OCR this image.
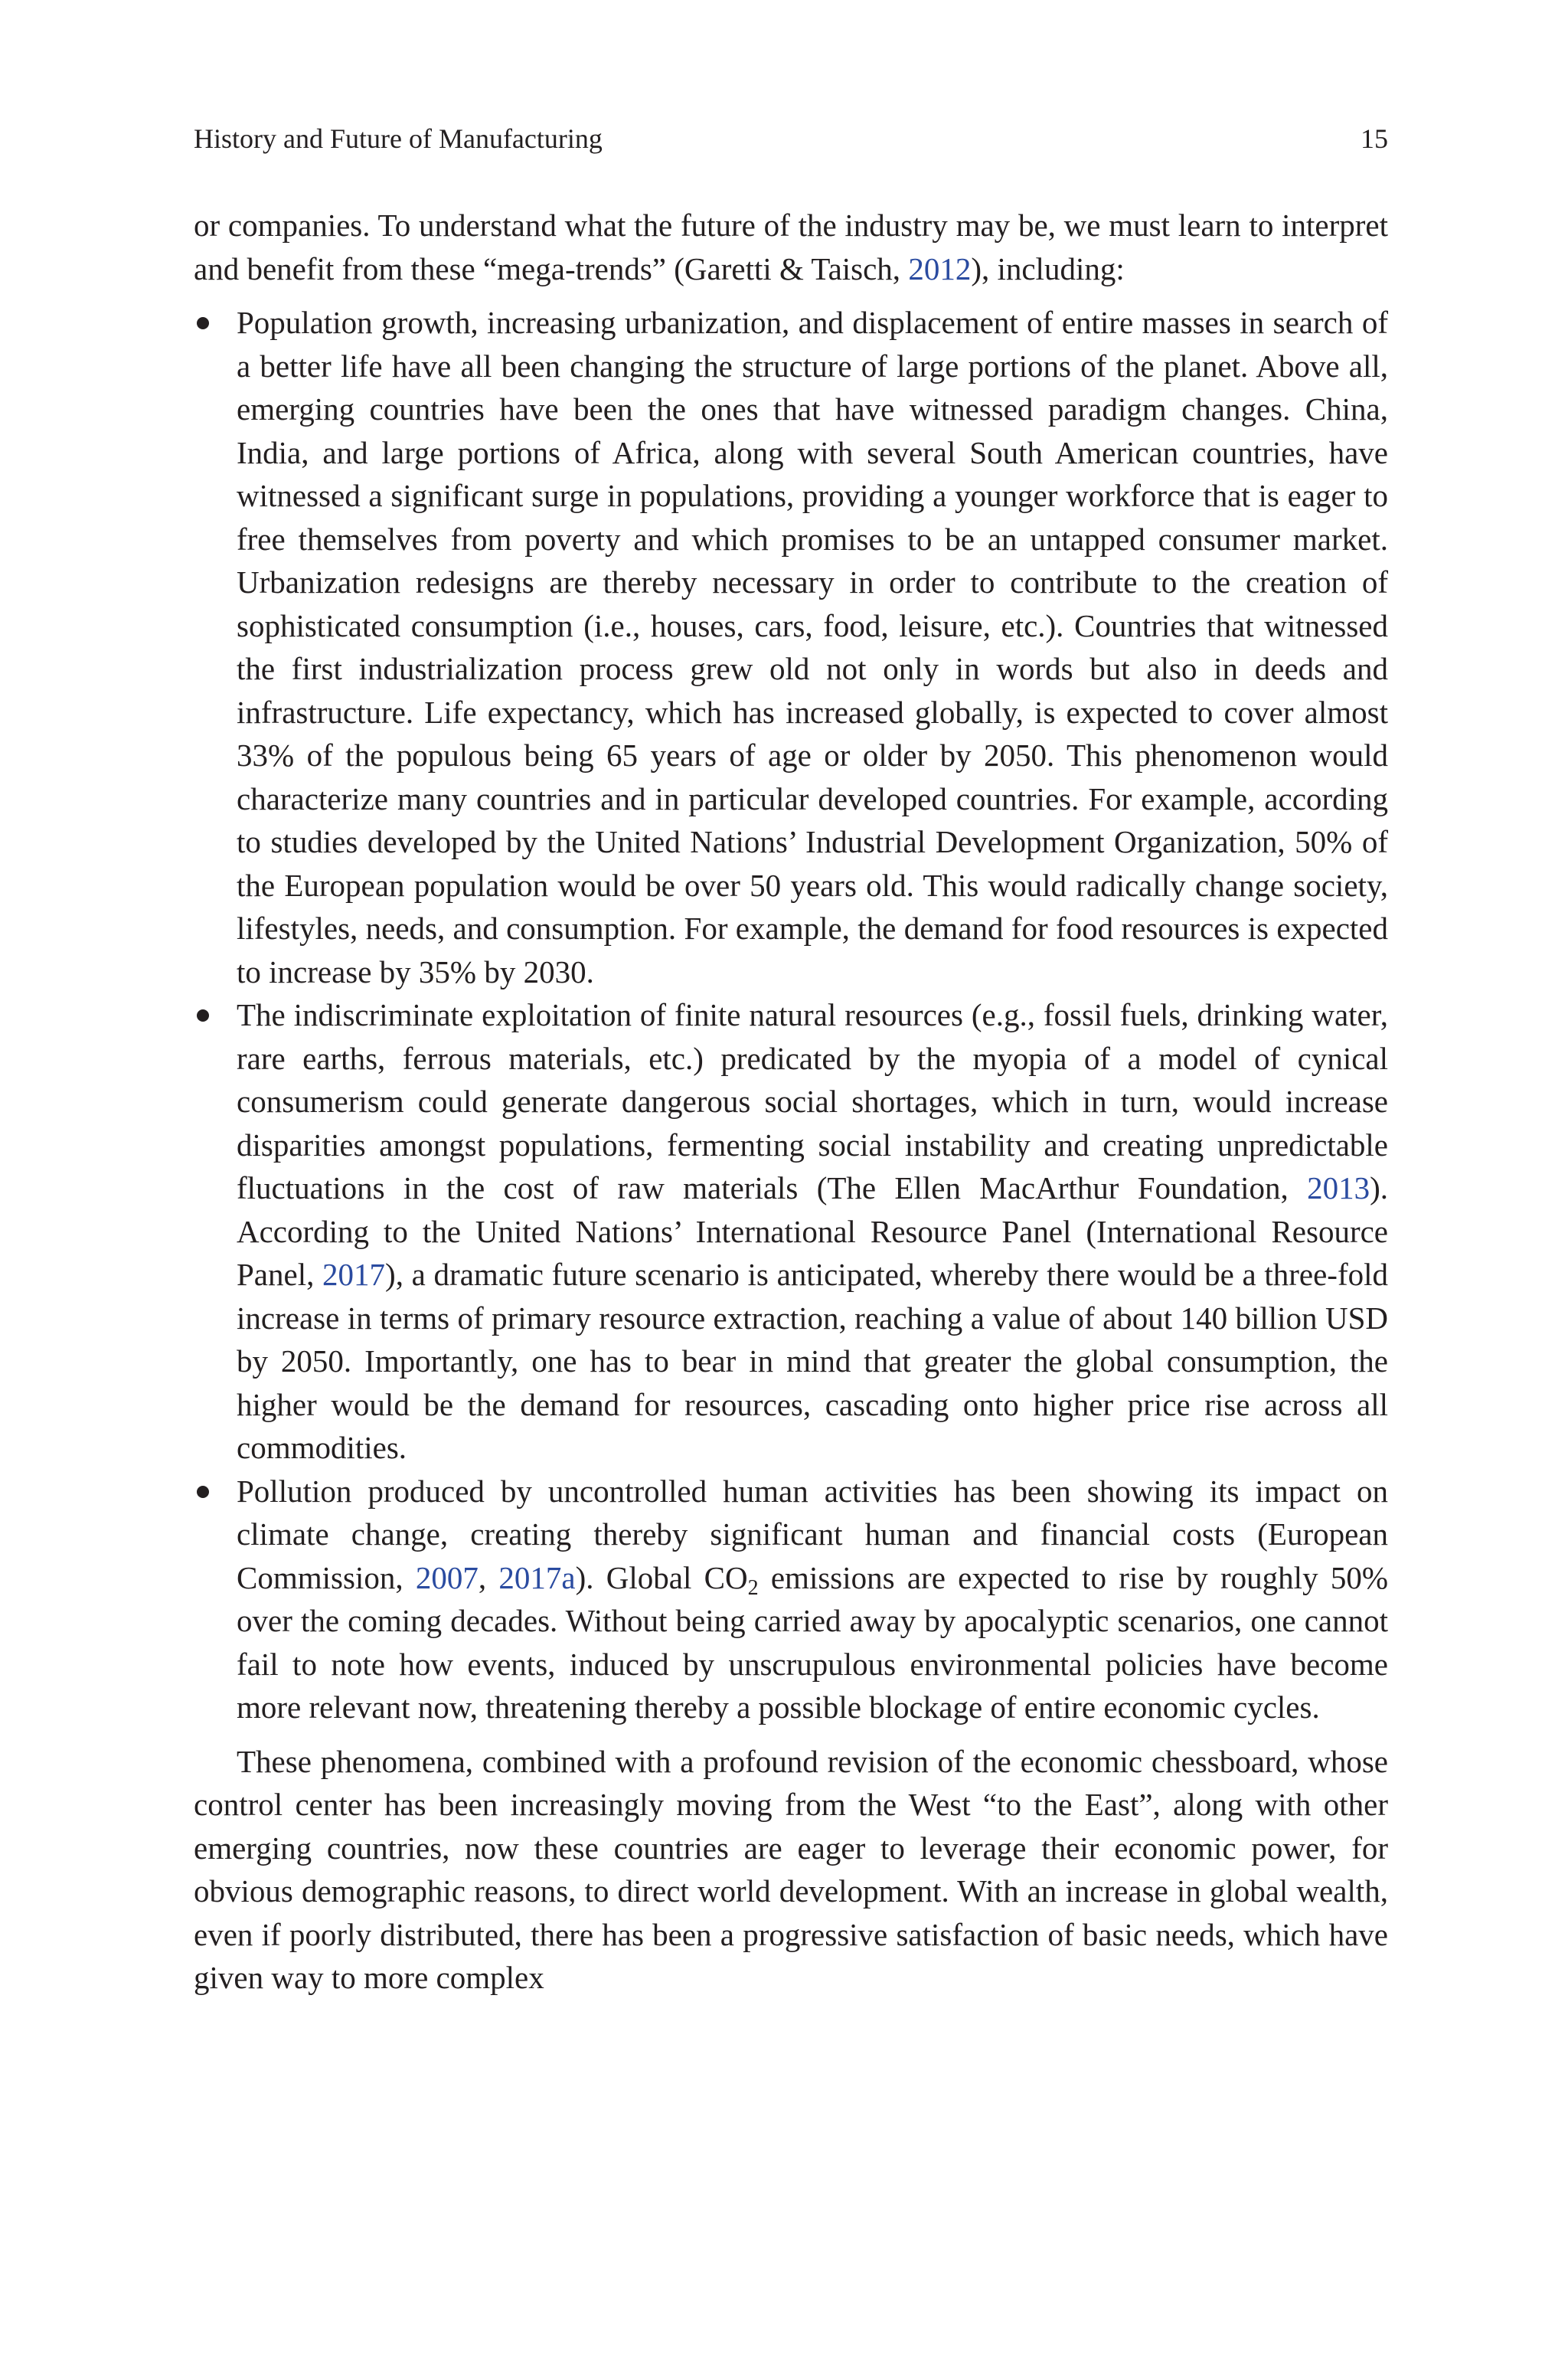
History and Future of Manufacturing	15

or companies. To understand what the future of the industry may be, we must learn to interpret and benefit from these “mega-trends” (Garetti & Taisch, 2012), including:

Population growth, increasing urbanization, and displacement of entire masses in search of a better life have all been changing the structure of large portions of the planet. Above all, emerging countries have been the ones that have witnessed paradigm changes. China, India, and large portions of Africa, along with several South American countries, have witnessed a significant surge in populations, providing a younger workforce that is eager to free themselves from poverty and which promises to be an untapped consumer market. Urbanization redesigns are thereby necessary in order to contribute to the creation of sophisticated consumption (i.e., houses, cars, food, leisure, etc.). Countries that witnessed the first industrialization process grew old not only in words but also in deeds and infrastructure. Life expectancy, which has increased globally, is expected to cover almost 33% of the populous being 65 years of age or older by 2050. This phenomenon would characterize many countries and in particular developed countries. For example, according to studies developed by the United Nations’ Industrial Development Organization, 50% of the European population would be over 50 years old. This would radically change society, lifestyles, needs, and consumption. For example, the demand for food resources is expected to increase by 35% by 2030.
The indiscriminate exploitation of finite natural resources (e.g., fossil fuels, drinking water, rare earths, ferrous materials, etc.) predicated by the myopia of a model of cynical consumerism could generate dangerous social shortages, which in turn, would increase disparities amongst populations, fermenting social instability and creating unpredictable fluctuations in the cost of raw materials (The Ellen MacArthur Foundation, 2013). According to the United Nations’ International Resource Panel (International Resource Panel, 2017), a dramatic future scenario is anticipated, whereby there would be a three-fold increase in terms of primary resource extraction, reaching a value of about 140 billion USD by 2050. Importantly, one has to bear in mind that greater the global consumption, the higher would be the demand for resources, cascading onto higher price rise across all commodities.
Pollution produced by uncontrolled human activities has been showing its impact on climate change, creating thereby significant human and financial costs (European Commission, 2007, 2017a). Global $CO_2$ emissions are expected to rise by roughly 50% over the coming decades. Without being carried away by apocalyptic scenarios, one cannot fail to note how events, induced by unscrupulous environmental policies have become more relevant now, threatening thereby a possible blockage of entire economic cycles.

These phenomena, combined with a profound revision of the economic chessboard, whose control center has been increasingly moving from the West “to the East”, along with other emerging countries, now these countries are eager to leverage their economic power, for obvious demographic reasons, to direct world development. With an increase in global wealth, even if poorly distributed, there has been a progressive satisfaction of basic needs, which have given way to more complex
